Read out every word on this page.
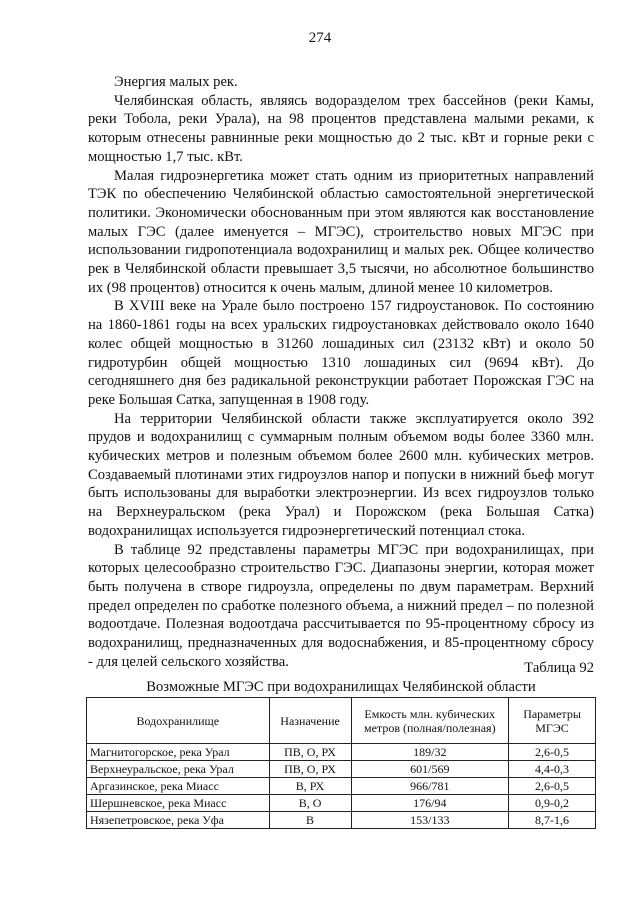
274

Энергия малых рек.

Челябинская область, являясь водоразделом трех бассейнов (реки Камы, реки Тобола, реки Урала), на 98 процентов представлена малыми реками, к которым отнесены равнинные реки мощностью до 2 тыс. кВт и горные реки с мощностью 1,7 тыс. кВт.

Малая гидроэнергетика может стать одним из приоритетных направлений ТЭК по обеспечению Челябинской областью самостоятельной энергетической политики. Экономически обоснованным при этом являются как восстановление малых ГЭС (далее именуется – МГЭС), строительство новых МГЭС при использовании гидропотенциала водохранилищ и малых рек. Общее количество рек в Челябинской области превышает 3,5 тысячи, но абсолютное большинство их (98 процентов) относится к очень малым, длиной менее 10 километров.

В XVIII веке на Урале было построено 157 гидроустановок. По состоянию на 1860-1861 годы на всех уральских гидроустановках действовало около 1640 колес общей мощностью в 31260 лошадиных сил (23132 кВт) и около 50 гидротурбин общей мощностью 1310 лошадиных сил (9694 кВт). До сегодняшнего дня без радикальной реконструкции работает Порожская ГЭС на реке Большая Сатка, запущенная в 1908 году.

На территории Челябинской области также эксплуатируется около 392 прудов и водохранилищ с суммарным полным объемом воды более 3360 млн. кубических метров и полезным объемом более 2600 млн. кубических метров. Создаваемый плотинами этих гидроузлов напор и попуски в нижний бьеф могут быть использованы для выработки электроэнергии. Из всех гидроузлов только на Верхнеуральском (река Урал) и Порожском (река Большая Сатка) водохранилищах используется гидроэнергетический потенциал стока.

В таблице 92 представлены параметры МГЭС при водохранилищах, при которых целесообразно строительство ГЭС. Диапазоны энергии, которая может быть получена в створе гидроузла, определены по двум параметрам. Верхний предел определен по сработке полезного объема, а нижний предел – по полезной водоотдаче. Полезная водоотдача рассчитывается по 95-процентному сбросу из водохранилищ, предназначенных для водоснабжения, и 85-процентному сбросу - для целей сельского хозяйства.	Таблица 92
Возможные МГЭС при водохранилищах Челябинской области
Водохранилище	Назначение	Емкость млн. кубических метров (полная/полезная)	Параметры МГЭС
Магнитогорское, река Урал	ПВ, О, РХ	189/32	2,6-0,5
Верхнеуральское, река Урал	ПВ, О, РХ	601/569	4,4-0,3
Аргазинское, река Миасс	В, РХ	966/781	2,6-0,5
Шершневское, река Миасс	В, О	176/94	0,9-0,2
Нязепетровское, река Уфа	В	153/133	8,7-1,6
